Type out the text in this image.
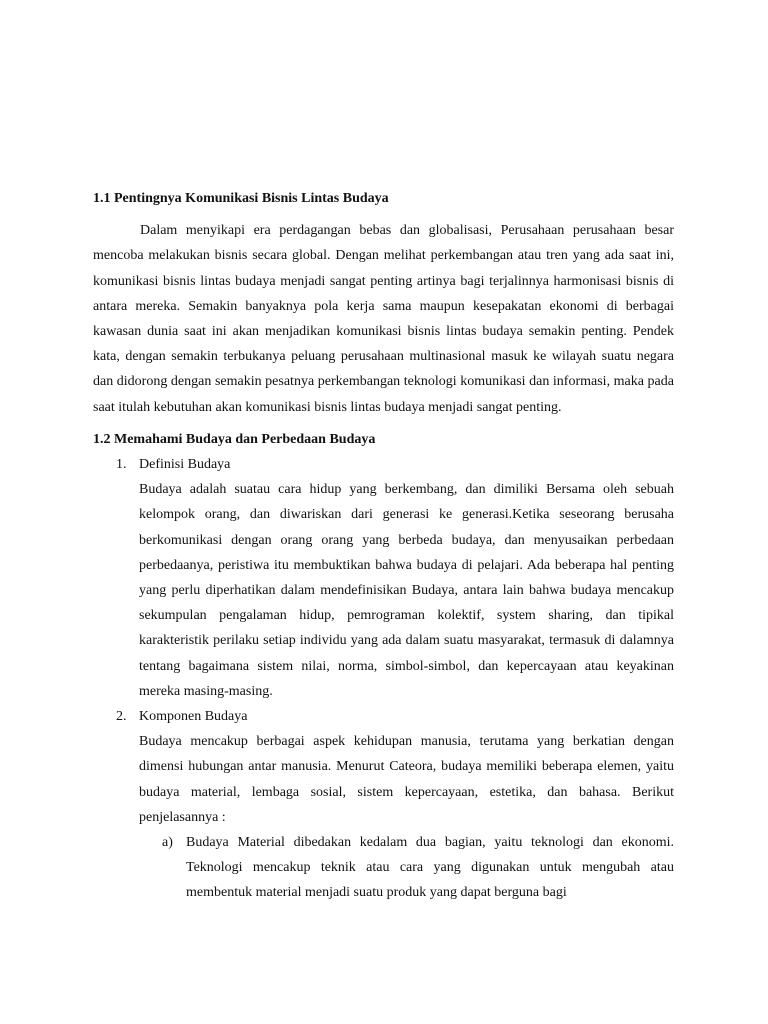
1.1 Pentingnya Komunikasi Bisnis Lintas Budaya

Dalam menyikapi era perdagangan bebas dan globalisasi, Perusahaan perusahaan besar mencoba melakukan bisnis secara global. Dengan melihat perkembangan atau tren yang ada saat ini, komunikasi bisnis lintas budaya menjadi sangat penting artinya bagi terjalinnya harmonisasi bisnis di antara mereka. Semakin banyaknya pola kerja sama maupun kesepakatan ekonomi di berbagai kawasan dunia saat ini akan menjadikan komunikasi bisnis lintas budaya semakin penting. Pendek kata, dengan semakin terbukanya peluang perusahaan multinasional masuk ke wilayah suatu negara dan didorong dengan semakin pesatnya perkembangan teknologi komunikasi dan informasi, maka pada saat itulah kebutuhan akan komunikasi bisnis lintas budaya menjadi sangat penting.

1.2 Memahami Budaya dan Perbedaan Budaya
1. Definisi Budaya

Budaya adalah suatau cara hidup yang berkembang, dan dimiliki Bersama oleh sebuah kelompok orang, dan diwariskan dari generasi ke generasi.Ketika seseorang berusaha berkomunikasi dengan orang orang yang berbeda budaya, dan menyusaikan perbedaan perbedaanya, peristiwa itu membuktikan bahwa budaya di pelajari. Ada beberapa hal penting yang perlu diperhatikan dalam mendefinisikan Budaya, antara lain bahwa budaya mencakup sekumpulan pengalaman hidup, pemrograman kolektif, system sharing, dan tipikal karakteristik perilaku setiap individu yang ada dalam suatu masyarakat, termasuk di dalamnya tentang bagaimana sistem nilai, norma, simbol-simbol, dan kepercayaan atau keyakinan mereka masing-masing.

2. Komponen Budaya

Budaya mencakup berbagai aspek kehidupan manusia, terutama yang berkatian dengan dimensi hubungan antar manusia. Menurut Cateora, budaya memiliki beberapa elemen, yaitu budaya material, lembaga sosial, sistem kepercayaan, estetika, dan bahasa. Berikut penjelasannya :

a) Budaya Material dibedakan kedalam dua bagian, yaitu teknologi dan ekonomi. Teknologi mencakup teknik atau cara yang digunakan untuk mengubah atau membentuk material menjadi suatu produk yang dapat berguna bagi
